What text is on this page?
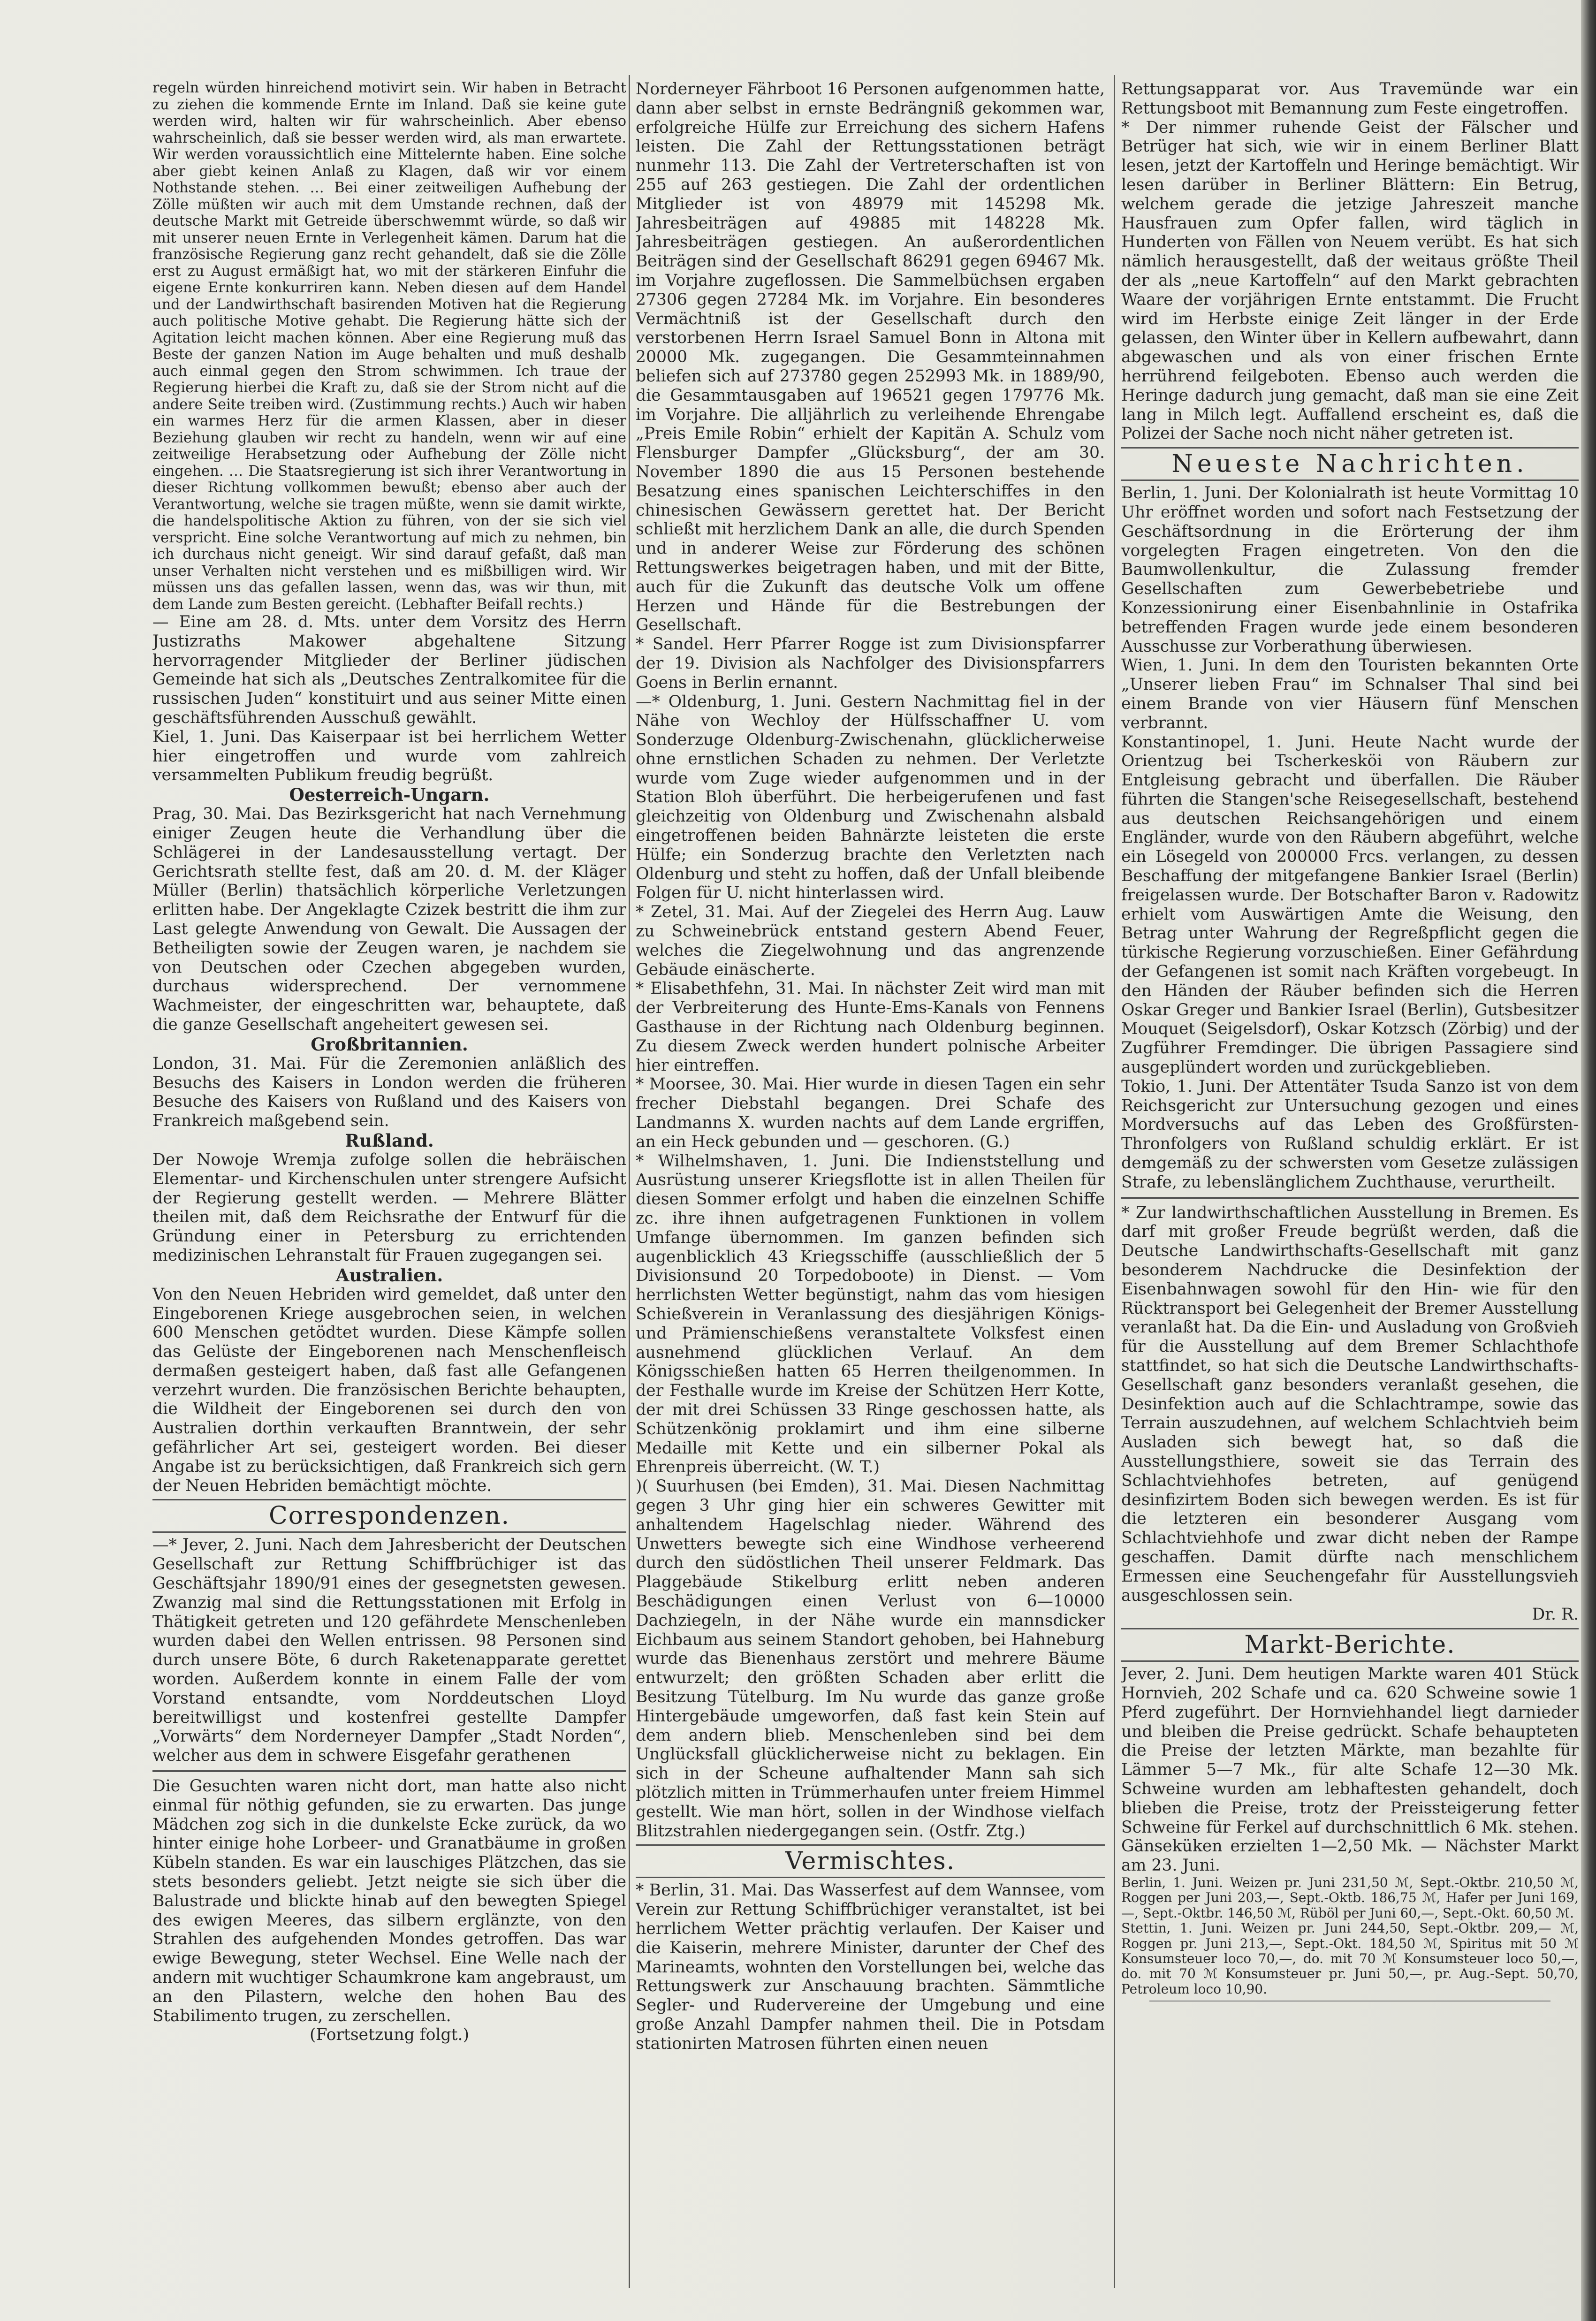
regeln würden hinreichend motivirt sein. Wir haben in Betracht zu ziehen die kommende Ernte im Inland. Daß sie keine gute werden wird, halten wir für wahrscheinlich. Aber ebenso wahrscheinlich, daß sie besser werden wird, als man erwartete. Wir werden voraussichtlich eine Mittelernte haben. Eine solche aber giebt keinen Anlaß zu Klagen, daß wir vor einem Nothstande stehen. … Bei einer zeitweiligen Aufhebung der Zölle müßten wir auch mit dem Umstande rechnen, daß der deutsche Markt mit Getreide überschwemmt würde, so daß wir mit unserer neuen Ernte in Verlegenheit kämen. Darum hat die französische Regierung ganz recht gehandelt, daß sie die Zölle erst zu August ermäßigt hat, wo mit der stärkeren Einfuhr die eigene Ernte konkurriren kann. Neben diesen auf dem Handel und der Landwirthschaft basirenden Motiven hat die Regierung auch politische Motive gehabt. Die Regierung hätte sich der Agitation leicht machen können. Aber eine Regierung muß das Beste der ganzen Nation im Auge behalten und muß deshalb auch einmal gegen den Strom schwimmen. Ich traue der Regierung hierbei die Kraft zu, daß sie der Strom nicht auf die andere Seite treiben wird. (Zustimmung rechts.) Auch wir haben ein warmes Herz für die armen Klassen, aber in dieser Beziehung glauben wir recht zu handeln, wenn wir auf eine zeitweilige Herabsetzung oder Aufhebung der Zölle nicht eingehen. … Die Staatsregierung ist sich ihrer Verantwortung in dieser Richtung vollkommen bewußt; ebenso aber auch der Verantwortung, welche sie tragen müßte, wenn sie damit wirkte, die handelspolitische Aktion zu führen, von der sie sich viel verspricht. Eine solche Verantwortung auf mich zu nehmen, bin ich durchaus nicht geneigt. Wir sind darauf gefaßt, daß man unser Verhalten nicht verstehen und es mißbilligen wird. Wir müssen uns das gefallen lassen, wenn das, was wir thun, mit dem Lande zum Besten gereicht. (Lebhafter Beifall rechts.)

— Eine am 28. d. Mts. unter dem Vorsitz des Herrn Justizraths Makower abgehaltene Sitzung hervorragender Mitglieder der Berliner jüdischen Gemeinde hat sich als „Deutsches Zentralkomitee für die russischen Juden“ konstituirt und aus seiner Mitte einen geschäftsführenden Ausschuß gewählt.

Kiel, 1. Juni. Das Kaiserpaar ist bei herrlichem Wetter hier eingetroffen und wurde vom zahlreich versammelten Publikum freudig begrüßt.

Oesterreich-Ungarn.

Prag, 30. Mai. Das Bezirksgericht hat nach Vernehmung einiger Zeugen heute die Verhandlung über die Schlägerei in der Landesausstellung vertagt. Der Gerichtsrath stellte fest, daß am 20. d. M. der Kläger Müller (Berlin) thatsächlich körperliche Verletzungen erlitten habe. Der Angeklagte Czizek bestritt die ihm zur Last gelegte Anwendung von Gewalt. Die Aussagen der Betheiligten sowie der Zeugen waren, je nachdem sie von Deutschen oder Czechen abgegeben wurden, durchaus widersprechend. Der vernommene Wachmeister, der eingeschritten war, behauptete, daß die ganze Gesellschaft angeheitert gewesen sei.

Großbritannien.

London, 31. Mai. Für die Zeremonien anläßlich des Besuchs des Kaisers in London werden die früheren Besuche des Kaisers von Rußland und des Kaisers von Frankreich maßgebend sein.

Rußland.

Der Nowoje Wremja zufolge sollen die hebräischen Elementar- und Kirchenschulen unter strengere Aufsicht der Regierung gestellt werden. — Mehrere Blätter theilen mit, daß dem Reichsrathe der Entwurf für die Gründung einer in Petersburg zu errichtenden medizinischen Lehranstalt für Frauen zugegangen sei.

Australien.

Von den Neuen Hebriden wird gemeldet, daß unter den Eingeborenen Kriege ausgebrochen seien, in welchen 600 Menschen getödtet wurden. Diese Kämpfe sollen das Gelüste der Eingeborenen nach Menschenfleisch dermaßen gesteigert haben, daß fast alle Gefangenen verzehrt wurden. Die französischen Berichte behaupten, die Wildheit der Eingeborenen sei durch den von Australien dorthin verkauften Branntwein, der sehr gefährlicher Art sei, gesteigert worden. Bei dieser Angabe ist zu berücksichtigen, daß Frankreich sich gern der Neuen Hebriden bemächtigt möchte.

Correspondenzen.

—* Jever, 2. Juni. Nach dem Jahresbericht der Deutschen Gesellschaft zur Rettung Schiffbrüchiger ist das Geschäftsjahr 1890/91 eines der gesegnetsten gewesen. Zwanzig mal sind die Rettungsstationen mit Erfolg in Thätigkeit getreten und 120 gefährdete Menschenleben wurden dabei den Wellen entrissen. 98 Personen sind durch unsere Böte, 6 durch Raketenapparate gerettet worden. Außerdem konnte in einem Falle der vom Vorstand entsandte, vom Norddeutschen Lloyd bereitwilligst und kostenfrei gestellte Dampfer „Vorwärts“ dem Norderneyer Dampfer „Stadt Norden“, welcher aus dem in schwere Eisgefahr gerathenen

Die Gesuchten waren nicht dort, man hatte also nicht einmal für nöthig gefunden, sie zu erwarten. Das junge Mädchen zog sich in die dunkelste Ecke zurück, da wo hinter einige hohe Lorbeer- und Granatbäume in großen Kübeln standen. Es war ein lauschiges Plätzchen, das sie stets besonders geliebt. Jetzt neigte sie sich über die Balustrade und blickte hinab auf den bewegten Spiegel des ewigen Meeres, das silbern erglänzte, von den Strahlen des aufgehenden Mondes getroffen. Das war ewige Bewegung, steter Wechsel. Eine Welle nach der andern mit wuchtiger Schaumkrone kam angebraust, um an den Pilastern, welche den hohen Bau des Stabilimento trugen, zu zerschellen.

(Fortsetzung folgt.)

Norderneyer Fährboot 16 Personen aufgenommen hatte, dann aber selbst in ernste Bedrängniß gekommen war, erfolgreiche Hülfe zur Erreichung des sichern Hafens leisten. Die Zahl der Rettungsstationen beträgt nunmehr 113. Die Zahl der Vertreterschaften ist von 255 auf 263 gestiegen. Die Zahl der ordentlichen Mitglieder ist von 48979 mit 145298 Mk. Jahresbeiträgen auf 49885 mit 148228 Mk. Jahresbeiträgen gestiegen. An außerordentlichen Beiträgen sind der Gesellschaft 86291 gegen 69467 Mk. im Vorjahre zugeflossen. Die Sammelbüchsen ergaben 27306 gegen 27284 Mk. im Vorjahre. Ein besonderes Vermächtniß ist der Gesellschaft durch den verstorbenen Herrn Israel Samuel Bonn in Altona mit 20000 Mk. zugegangen. Die Gesammteinnahmen beliefen sich auf 273780 gegen 252993 Mk. in 1889/90, die Gesammtausgaben auf 196521 gegen 179776 Mk. im Vorjahre. Die alljährlich zu verleihende Ehrengabe „Preis Emile Robin“ erhielt der Kapitän A. Schulz vom Flensburger Dampfer „Glücksburg“, der am 30. November 1890 die aus 15 Personen bestehende Besatzung eines spanischen Leichterschiffes in den chinesischen Gewässern gerettet hat. Der Bericht schließt mit herzlichem Dank an alle, die durch Spenden und in anderer Weise zur Förderung des schönen Rettungswerkes beigetragen haben, und mit der Bitte, auch für die Zukunft das deutsche Volk um offene Herzen und Hände für die Bestrebungen der Gesellschaft.

* Sandel. Herr Pfarrer Rogge ist zum Divisionspfarrer der 19. Division als Nachfolger des Divisionspfarrers Goens in Berlin ernannt.

—* Oldenburg, 1. Juni. Gestern Nachmittag fiel in der Nähe von Wechloy der Hülfsschaffner U. vom Sonderzuge Oldenburg-Zwischenahn, glücklicherweise ohne ernstlichen Schaden zu nehmen. Der Verletzte wurde vom Zuge wieder aufgenommen und in der Station Bloh überführt. Die herbeigerufenen und fast gleichzeitig von Oldenburg und Zwischenahn alsbald eingetroffenen beiden Bahnärzte leisteten die erste Hülfe; ein Sonderzug brachte den Verletzten nach Oldenburg und steht zu hoffen, daß der Unfall bleibende Folgen für U. nicht hinterlassen wird.

* Zetel, 31. Mai. Auf der Ziegelei des Herrn Aug. Lauw zu Schweinebrück entstand gestern Abend Feuer, welches die Ziegelwohnung und das angrenzende Gebäude einäscherte.

* Elisabethfehn, 31. Mai. In nächster Zeit wird man mit der Verbreiterung des Hunte-Ems-Kanals von Fennens Gasthause in der Richtung nach Oldenburg beginnen. Zu diesem Zweck werden hundert polnische Arbeiter hier eintreffen.

* Moorsee, 30. Mai. Hier wurde in diesen Tagen ein sehr frecher Diebstahl begangen. Drei Schafe des Landmanns X. wurden nachts auf dem Lande ergriffen, an ein Heck gebunden und — geschoren. (G.)

* Wilhelmshaven, 1. Juni. Die Indienststellung und Ausrüstung unserer Kriegsflotte ist in allen Theilen für diesen Sommer erfolgt und haben die einzelnen Schiffe zc. ihre ihnen aufgetragenen Funktionen in vollem Umfange übernommen. Im ganzen befinden sich augenblicklich 43 Kriegsschiffe (ausschließlich der 5 Divisionsund 20 Torpedoboote) in Dienst. — Vom herrlichsten Wetter begünstigt, nahm das vom hiesigen Schießverein in Veranlassung des diesjährigen Königs- und Prämienschießens veranstaltete Volksfest einen ausnehmend glücklichen Verlauf. An dem Königsschießen hatten 65 Herren theilgenommen. In der Festhalle wurde im Kreise der Schützen Herr Kotte, der mit drei Schüssen 33 Ringe geschossen hatte, als Schützenkönig proklamirt und ihm eine silberne Medaille mit Kette und ein silberner Pokal als Ehrenpreis überreicht. (W. T.)

)( Suurhusen (bei Emden), 31. Mai. Diesen Nachmittag gegen 3 Uhr ging hier ein schweres Gewitter mit anhaltendem Hagelschlag nieder. Während des Unwetters bewegte sich eine Windhose verheerend durch den südöstlichen Theil unserer Feldmark. Das Plaggebäude Stikelburg erlitt neben anderen Beschädigungen einen Verlust von 6—10000 Dachziegeln, in der Nähe wurde ein mannsdicker Eichbaum aus seinem Standort gehoben, bei Hahneburg wurde das Bienenhaus zerstört und mehrere Bäume entwurzelt; den größten Schaden aber erlitt die Besitzung Tütelburg. Im Nu wurde das ganze große Hintergebäude umgeworfen, daß fast kein Stein auf dem andern blieb. Menschenleben sind bei dem Unglücksfall glücklicherweise nicht zu beklagen. Ein sich in der Scheune aufhaltender Mann sah sich plötzlich mitten in Trümmerhaufen unter freiem Himmel gestellt. Wie man hört, sollen in der Windhose vielfach Blitzstrahlen niedergegangen sein. (Ostfr. Ztg.)

Vermischtes.

* Berlin, 31. Mai. Das Wasserfest auf dem Wannsee, vom Verein zur Rettung Schiffbrüchiger veranstaltet, ist bei herrlichem Wetter prächtig verlaufen. Der Kaiser und die Kaiserin, mehrere Minister, darunter der Chef des Marineamts, wohnten den Vorstellungen bei, welche das Rettungswerk zur Anschauung brachten. Sämmtliche Segler- und Rudervereine der Umgebung und eine große Anzahl Dampfer nahmen theil. Die in Potsdam stationirten Matrosen führten einen neuen

Rettungsapparat vor. Aus Travemünde war ein Rettungsboot mit Bemannung zum Feste eingetroffen.

* Der nimmer ruhende Geist der Fälscher und Betrüger hat sich, wie wir in einem Berliner Blatt lesen, jetzt der Kartoffeln und Heringe bemächtigt. Wir lesen darüber in Berliner Blättern: Ein Betrug, welchem gerade die jetzige Jahreszeit manche Hausfrauen zum Opfer fallen, wird täglich in Hunderten von Fällen von Neuem verübt. Es hat sich nämlich herausgestellt, daß der weitaus größte Theil der als „neue Kartoffeln“ auf den Markt gebrachten Waare der vorjährigen Ernte entstammt. Die Frucht wird im Herbste einige Zeit länger in der Erde gelassen, den Winter über in Kellern aufbewahrt, dann abgewaschen und als von einer frischen Ernte herrührend feilgeboten. Ebenso auch werden die Heringe dadurch jung gemacht, daß man sie eine Zeit lang in Milch legt. Auffallend erscheint es, daß die Polizei der Sache noch nicht näher getreten ist.

Neueste Nachrichten.

Berlin, 1. Juni. Der Kolonialrath ist heute Vormittag 10 Uhr eröffnet worden und sofort nach Festsetzung der Geschäftsordnung in die Erörterung der ihm vorgelegten Fragen eingetreten. Von den die Baumwollenkultur, die Zulassung fremder Gesellschaften zum Gewerbebetriebe und Konzessionirung einer Eisenbahnlinie in Ostafrika betreffenden Fragen wurde jede einem besonderen Ausschusse zur Vorberathung überwiesen.

Wien, 1. Juni. In dem den Touristen bekannten Orte „Unserer lieben Frau“ im Schnalser Thal sind bei einem Brande von vier Häusern fünf Menschen verbrannt.

Konstantinopel, 1. Juni. Heute Nacht wurde der Orientzug bei Tscherkesköi von Räubern zur Entgleisung gebracht und überfallen. Die Räuber führten die Stangen'sche Reisegesellschaft, bestehend aus deutschen Reichsangehörigen und einem Engländer, wurde von den Räubern abgeführt, welche ein Lösegeld von 200000 Frcs. verlangen, zu dessen Beschaffung der mitgefangene Bankier Israel (Berlin) freigelassen wurde. Der Botschafter Baron v. Radowitz erhielt vom Auswärtigen Amte die Weisung, den Betrag unter Wahrung der Regreßpflicht gegen die türkische Regierung vorzuschießen. Einer Gefährdung der Gefangenen ist somit nach Kräften vorgebeugt. In den Händen der Räuber befinden sich die Herren Oskar Greger und Bankier Israel (Berlin), Gutsbesitzer Mouquet (Seigelsdorf), Oskar Kotzsch (Zörbig) und der Zugführer Fremdinger. Die übrigen Passagiere sind ausgeplündert worden und zurückgeblieben.

Tokio, 1. Juni. Der Attentäter Tsuda Sanzo ist von dem Reichsgericht zur Untersuchung gezogen und eines Mordversuchs auf das Leben des Großfürsten-Thronfolgers von Rußland schuldig erklärt. Er ist demgemäß zu der schwersten vom Gesetze zulässigen Strafe, zu lebenslänglichem Zuchthause, verurtheilt.

* Zur landwirthschaftlichen Ausstellung in Bremen. Es darf mit großer Freude begrüßt werden, daß die Deutsche Landwirthschafts-Gesellschaft mit ganz besonderem Nachdrucke die Desinfektion der Eisenbahnwagen sowohl für den Hin- wie für den Rücktransport bei Gelegenheit der Bremer Ausstellung veranlaßt hat. Da die Ein- und Ausladung von Großvieh für die Ausstellung auf dem Bremer Schlachthofe stattfindet, so hat sich die Deutsche Landwirthschafts-Gesellschaft ganz besonders veranlaßt gesehen, die Desinfektion auch auf die Schlachtrampe, sowie das Terrain auszudehnen, auf welchem Schlachtvieh beim Ausladen sich bewegt hat, so daß die Ausstellungsthiere, soweit sie das Terrain des Schlachtviehhofes betreten, auf genügend desinfizirtem Boden sich bewegen werden. Es ist für die letzteren ein besonderer Ausgang vom Schlachtviehhofe und zwar dicht neben der Rampe geschaffen. Damit dürfte nach menschlichem Ermessen eine Seuchengefahr für Ausstellungsvieh ausgeschlossen sein.

Dr. R.

Markt-Berichte.

Jever, 2. Juni. Dem heutigen Markte waren 401 Stück Hornvieh, 202 Schafe und ca. 620 Schweine sowie 1 Pferd zugeführt. Der Hornviehhandel liegt darnieder und bleiben die Preise gedrückt. Schafe behaupteten die Preise der letzten Märkte, man bezahlte für Lämmer 5—7 Mk., für alte Schafe 12—30 Mk. Schweine wurden am lebhaftesten gehandelt, doch blieben die Preise, trotz der Preissteigerung fetter Schweine für Ferkel auf durchschnittlich 6 Mk. stehen. Gänseküken erzielten 1—2,50 Mk. — Nächster Markt am 23. Juni.

Berlin, 1. Juni. Weizen pr. Juni 231,50 ℳ, Sept.-Oktbr. 210,50 ℳ, Roggen per Juni 203,—, Sept.-Oktb. 186,75 ℳ, Hafer per Juni 169,—, Sept.-Oktbr. 146,50 ℳ, Rüböl per Juni 60,—, Sept.-Okt. 60,50 ℳ.

Stettin, 1. Juni. Weizen pr. Juni 244,50, Sept.-Oktbr. 209,— ℳ, Roggen pr. Juni 213,—, Sept.-Okt. 184,50 ℳ, Spiritus mit 50 ℳ Konsumsteuer loco 70,—, do. mit 70 ℳ Konsumsteuer loco 50,—, do. mit 70 ℳ Konsumsteuer pr. Juni 50,—, pr. Aug.-Sept. 50,70, Petroleum loco 10,90.
